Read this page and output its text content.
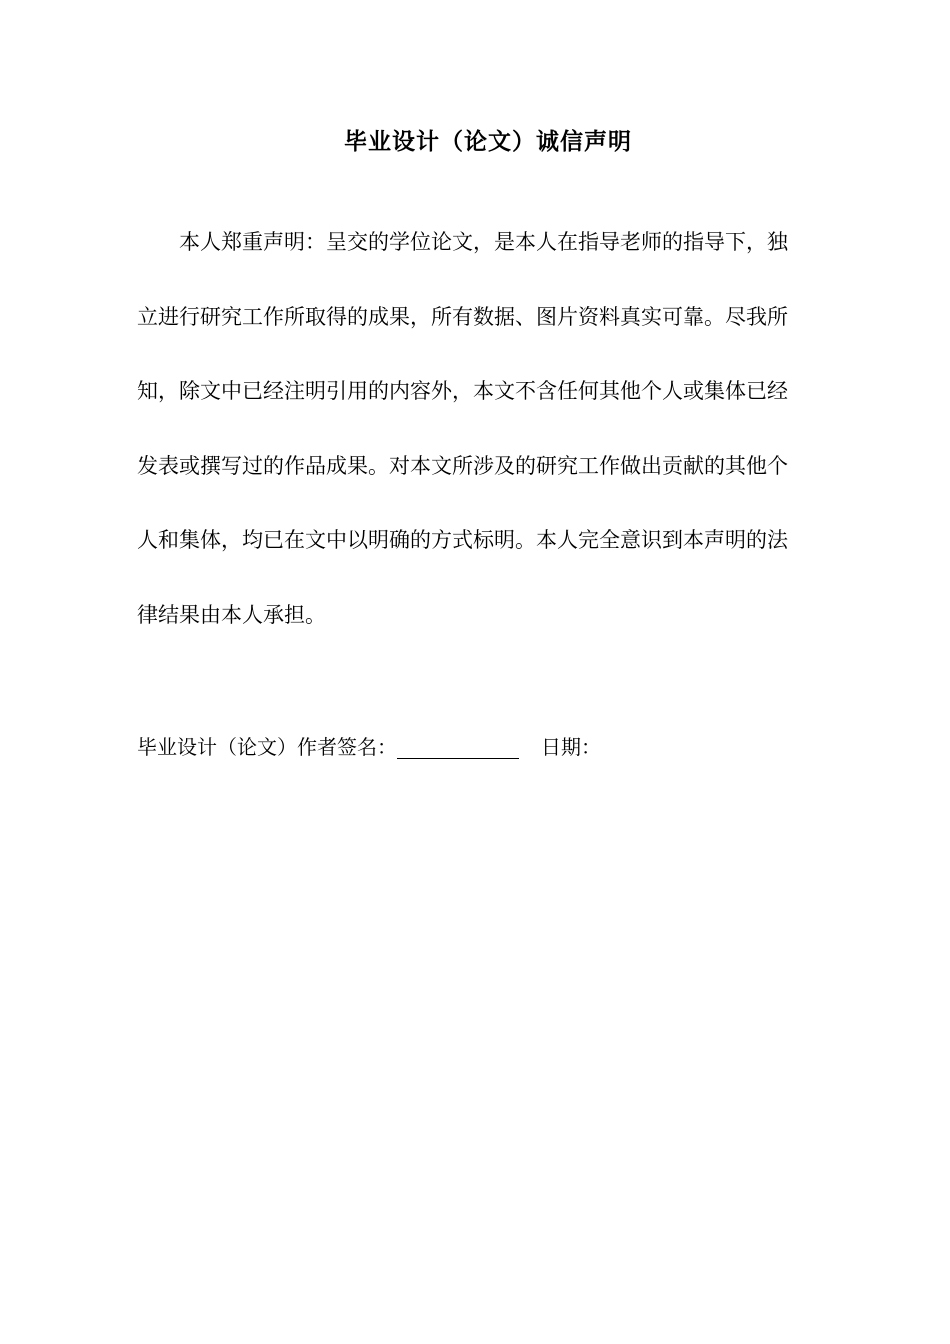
毕业设计（论文）诚信声明
本人郑重声明：呈交的学位论文，是本人在指导老师的指导下，独
立进行研究工作所取得的成果，所有数据、图片资料真实可靠。尽我所
知，除文中已经注明引用的内容外，本文不含任何其他个人或集体已经
发表或撰写过的作品成果。对本文所涉及的研究工作做出贡献的其他个
人和集体，均已在文中以明确的方式标明。本人完全意识到本声明的法
律结果由本人承担。
毕业设计（论文）作者签名：	日期：
